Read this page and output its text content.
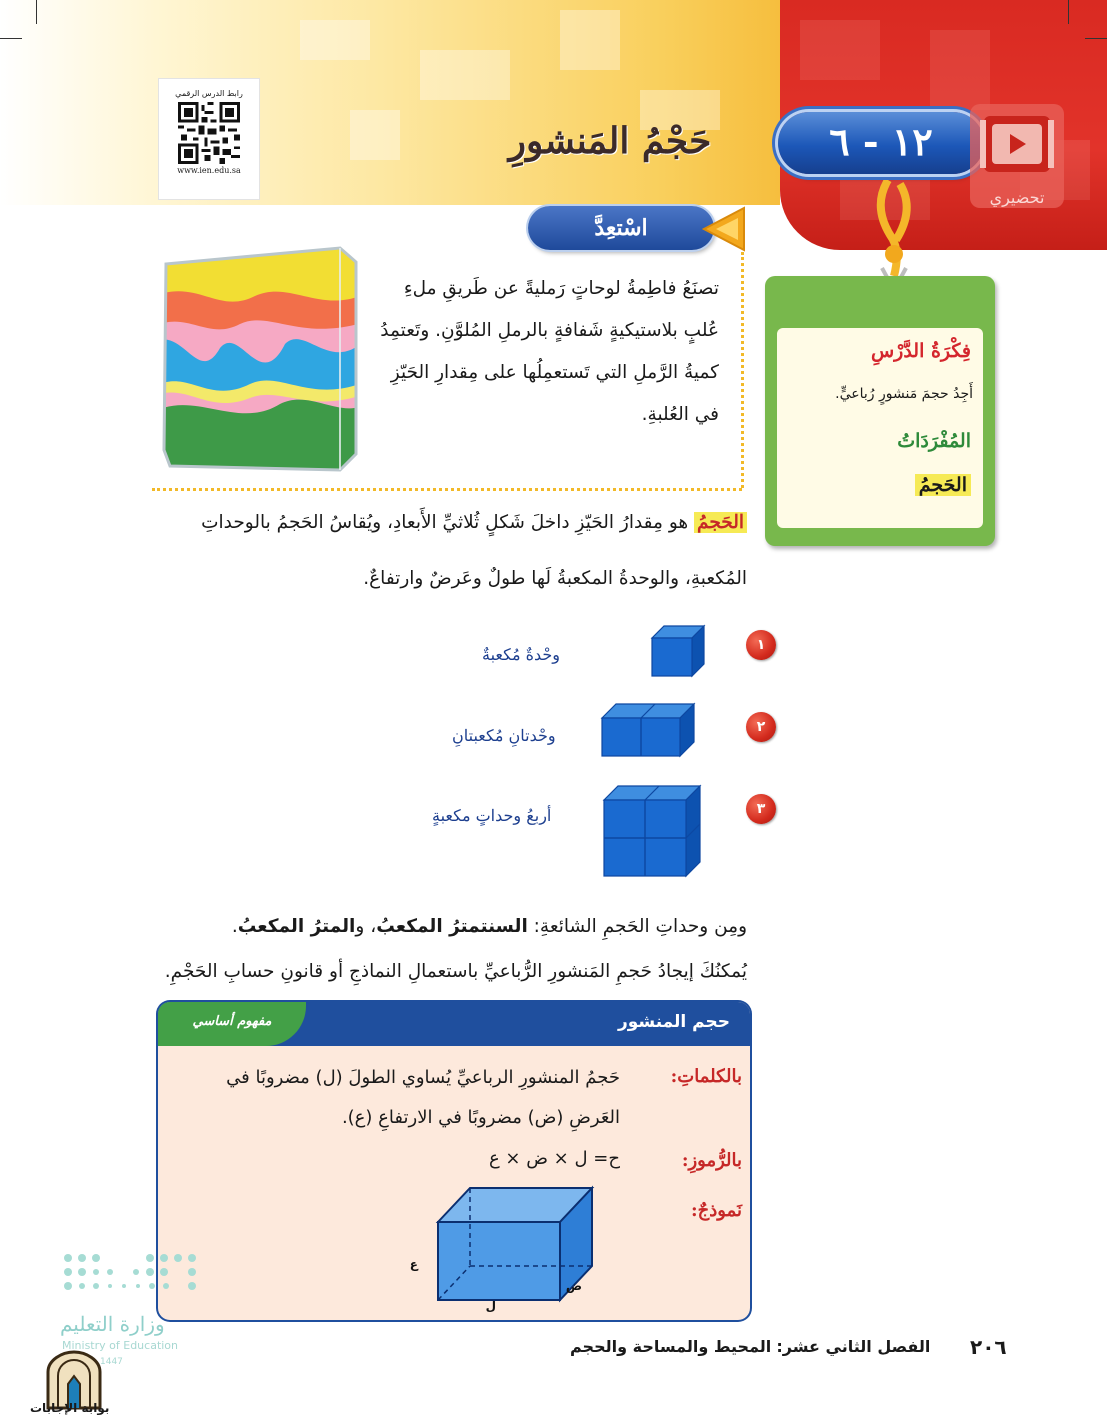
رابط الدرس الرقمي
www.ien.edu.sa
حَجْمُ المَنشورِ	١٢ - ٦
تحضيري
اسْتعِدَّ
تصنَعُ فاطِمةُ لوحاتٍ رَمليةً عن طَريقِ ملءِ عُلبٍ بلاستيكيةٍ شَفافةٍ بالرملِ المُلوَّنِ. وتَعتمِدُ كميةُ الرَّملِ التي تَستعمِلُها على مِقدارِ الحَيّزِ في العُلبةِ.
فِكْرَةُ الدَّرْسِ
أَجِدُ حجمَ مَنشورٍ رُباعيٍّ.
المُفْرَدَاتُ
الحَجمُ
الحَجمُ هو مِقدارُ الحَيّزِ داخلَ شَكلٍ ثُلاثيِّ الأَبعادِ، ويُقاسُ الحَجمُ بالوحداتِ
المُكعبةِ، والوحدةُ المكعبةُ لَها طولٌ وعَرضٌ وارتفاعٌ.
١
وحْدةٌ مُكعبةٌ
٢
وحْدتانِ مُكعبتانِ
٣
أربعُ وحداتٍ مكعبةٍ
ومِن وحداتِ الحَجمِ الشائعةِ: السنتمترُ المكعبُ، والمترُ المكعبُ.
يُمكنُكَ إيجادُ حَجمِ المَنشورِ الرُّباعيِّ باستعمالِ النماذجِ أو قانونِ حسابِ الحَجْمِ.
حجم المنشور
مفهوم أساسي
بالكلماتِ:
حَجمُ المنشورِ الرباعيِّ يُساوي الطولَ (ل) مضروبًا في العَرضِ (ض) مضروبًا في الارتفاعِ (ع).
بالرُّموزِ:
ح= ل × ض × ع
نَموذجٌ:
ل
ض
ع
وزارة التعليم
Ministry of Education
1447
بوابة الإجابات
الفصل الثاني عشر: المحيط والمساحة والحجم	٢٠٦
